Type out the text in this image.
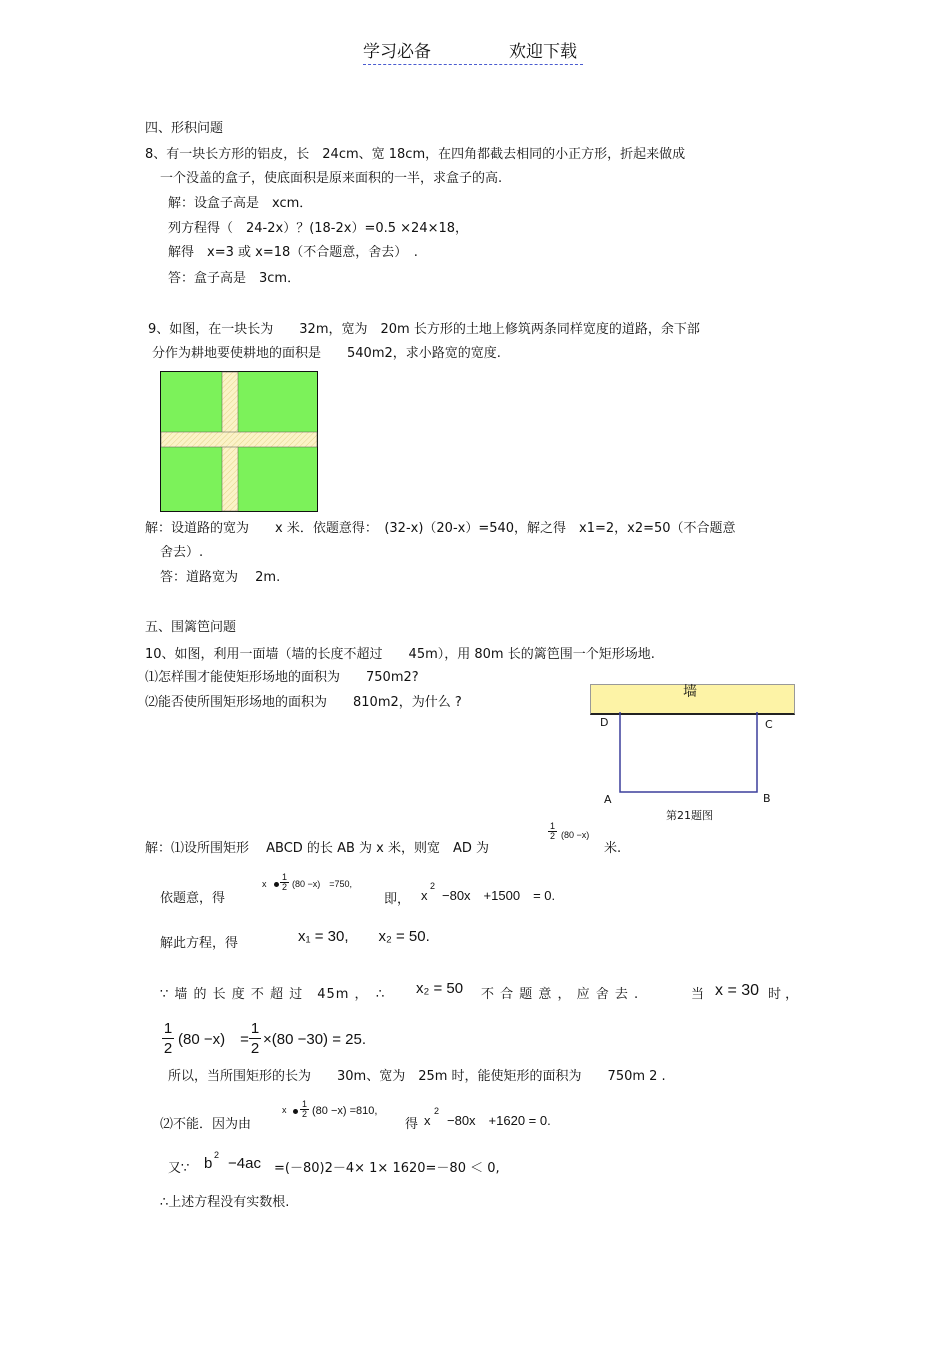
学习必备	欢迎下载
四、形积问题
8、有一块长方形的铝皮，长　24cm、宽 18cm，在四角都截去相同的小正方形，折起来做成
一个没盖的盒子，使底面积是原来面积的一半，求盒子的高.
解：设盒子高是　xcm．
列方程得（　24-2x）？(18-2x）=0.5 ×24×18，
解得　x=3 或 x=18（不合题意，舍去）　.
答：盒子高是　3cm．
9、如图，在一块长为　　32m，宽为　20m 长方形的土地上修筑两条同样宽度的道路，余下部
分作为耕地要使耕地的面积是　　540m2，求小路宽的宽度.
解：设道路的宽为　　x 米．依题意得：　(32-x)（20-x）=540，解之得　x1=2，x2=50（不合题意
舍去）.
答：道路宽为　 2m.
五、围篱笆问题
10、如图，利用一面墙（墙的长度不超过　　45m），用 80m 长的篱笆围一个矩形场地.
⑴怎样围才能使矩形场地的面积为　　750m2?
⑵能否使所围矩形场地的面积为　　810m2，为什么 ?
墙
D	C
A	B
第21题图
解：⑴设所围矩形　 ABCD 的长 AB 为 x 米，则宽　AD 为
1
2 (80 −x)
米.
依题意，得
x
1
2 (80 −x)　=750,
即， x
2
−80x　+1500　= 0.
解此方程，得	x₁ = 30,　　x₂ = 50.
∵ 墙 的 长 度 不 超 过　45m ，　∴ x₂ = 50 不 合 题 意 ， 应 舍 去 .	当 x = 30 时 ，
1
2
(80 −x)　=
1
2
×(80 −30) = 25.
所以，当所围矩形的长为　　30m、宽为　25m 时，能使矩形的面积为　　750m 2 .
⑵不能．因为由
x
1
2 (80 −x) =810,
得 x
2
−80x　+1620 = 0.
又∵ b 2 −4ac =(－80)2－4× 1× 1620=－80 ＜ 0,
∴上述方程没有实数根.
